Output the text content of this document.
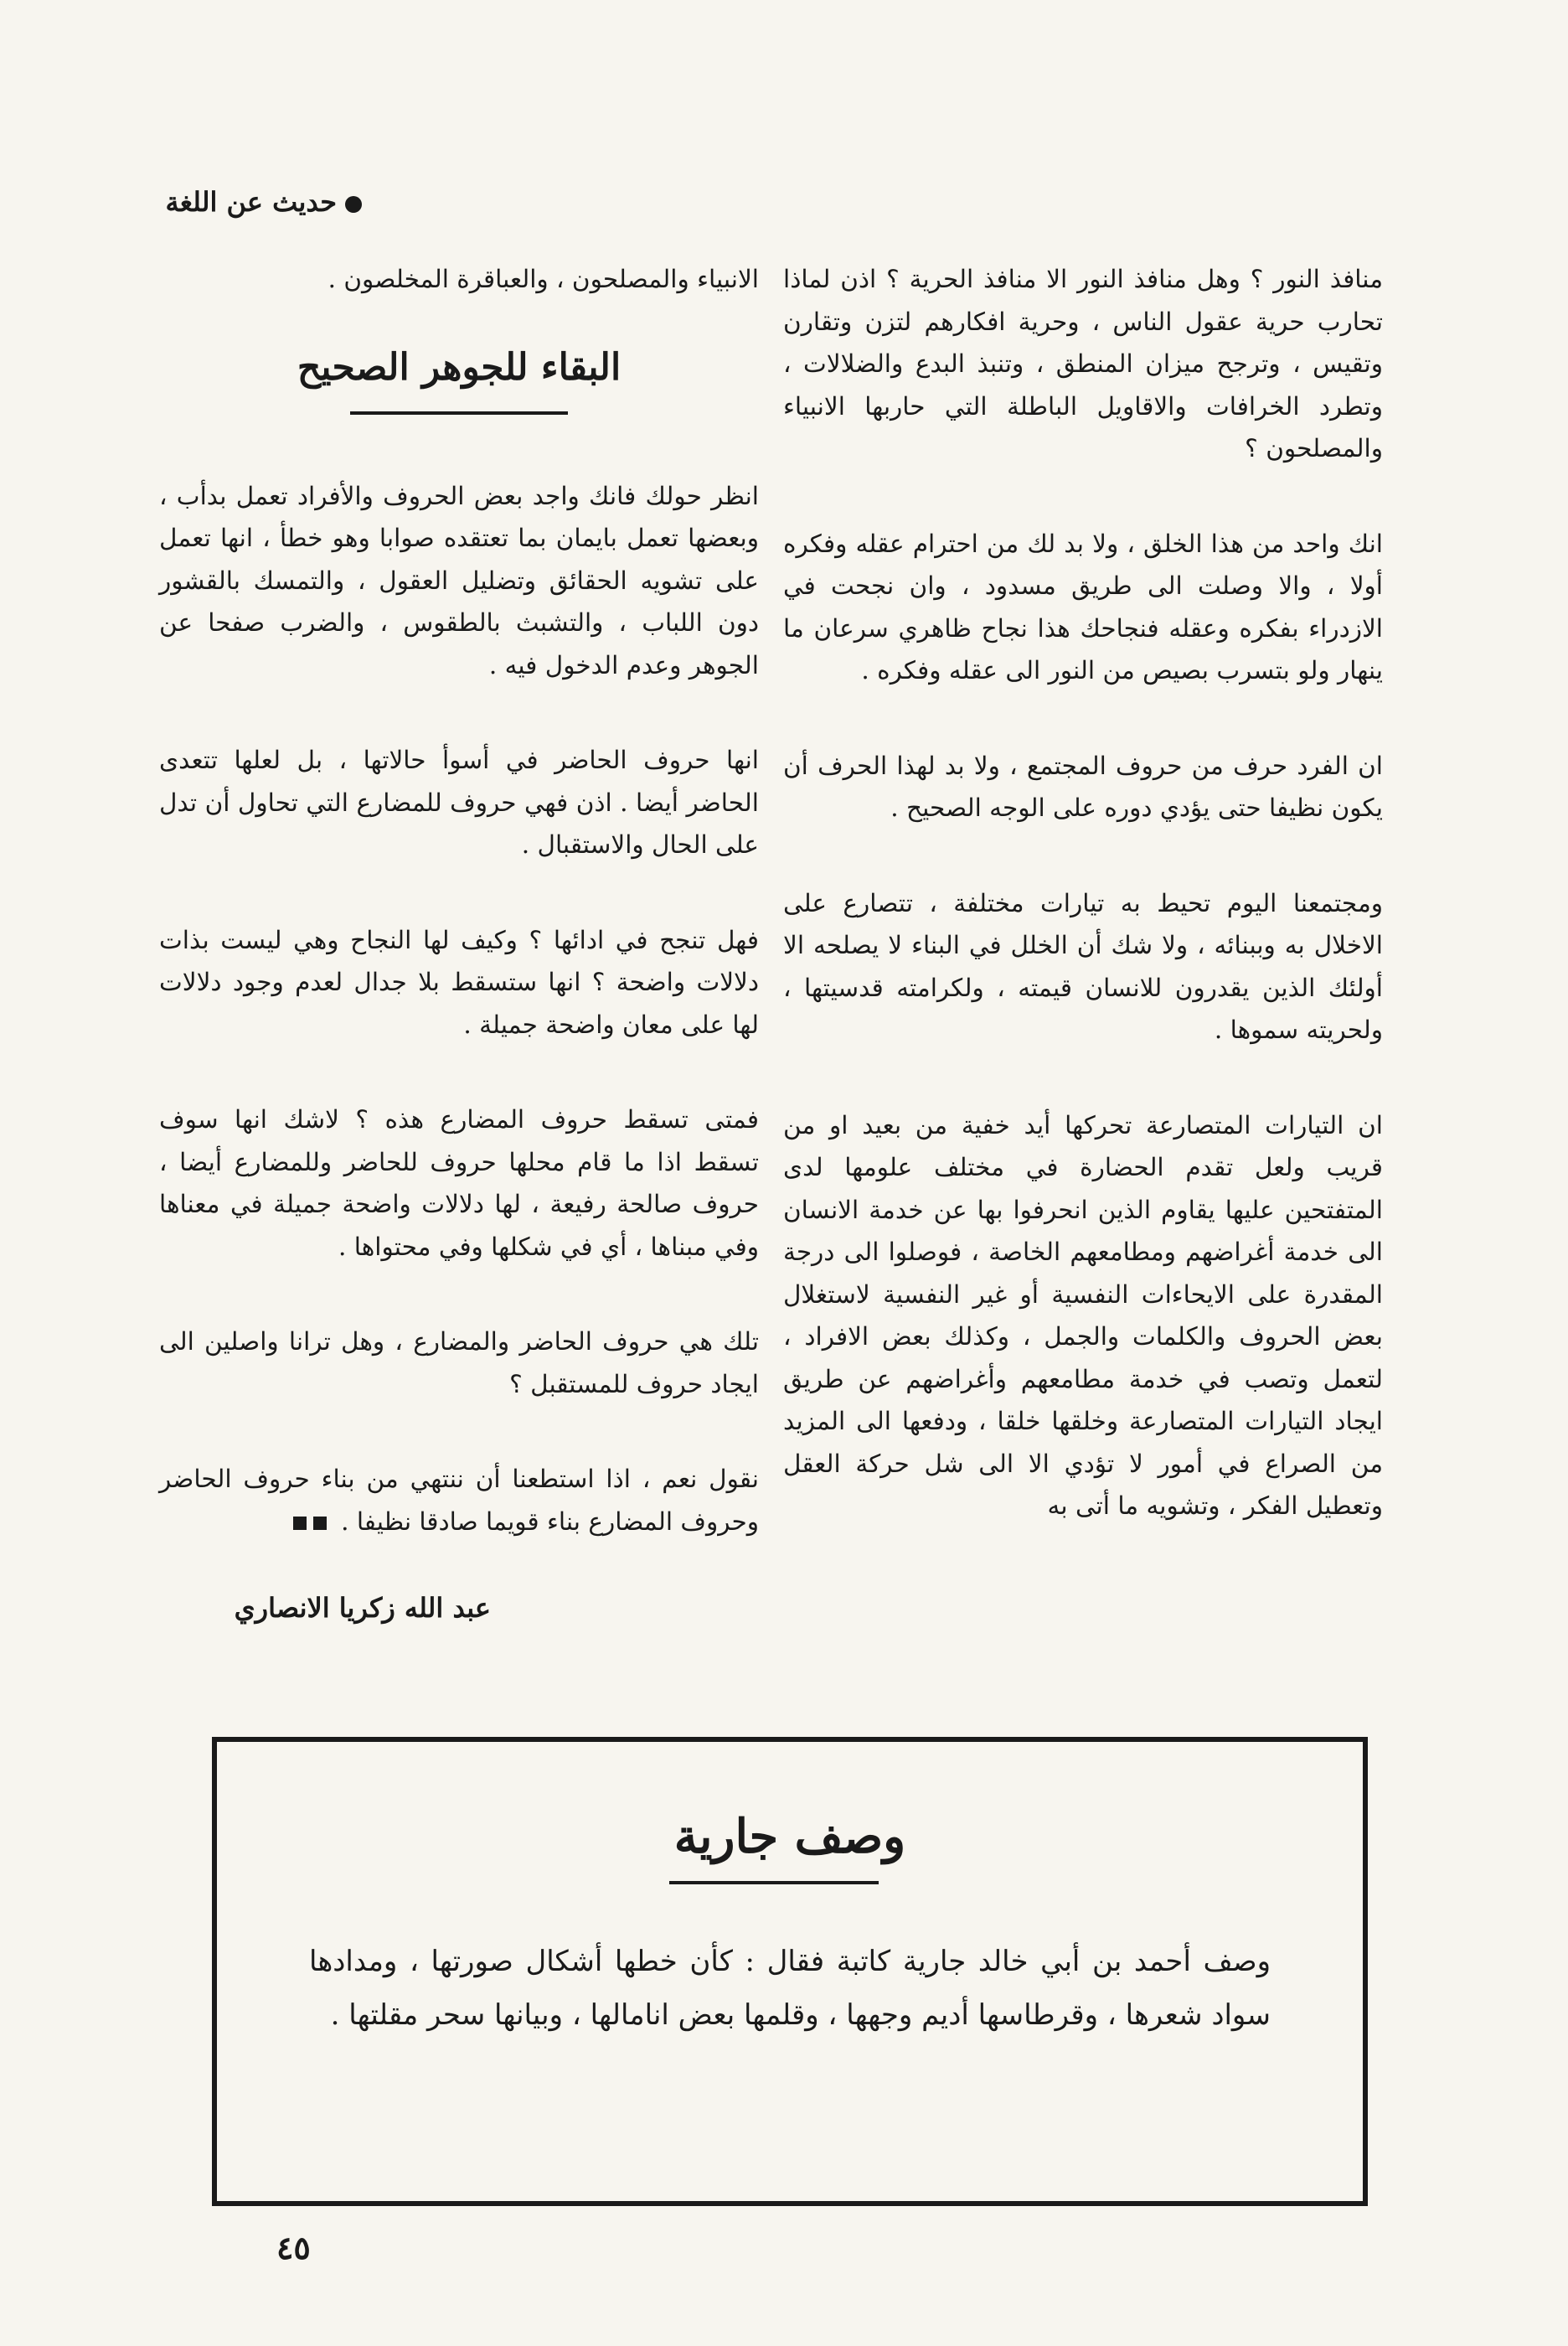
حديث عن اللغة

منافذ النور ؟ وهل منافذ النور الا منافذ الحرية ؟ اذن لماذا تحارب حرية عقول الناس ، وحرية افكارهم لتزن وتقارن وتقيس ، وترجح ميزان المنطق ، وتنبذ البدع والضلالات ، وتطرد الخرافات والاقاويل الباطلة التي حاربها الانبياء والمصلحون ؟

انك واحد من هذا الخلق ، ولا بد لك من احترام عقله وفكره أولا ، والا وصلت الى طريق مسدود ، وان نجحت في الازدراء بفكره وعقله فنجاحك هذا نجاح ظاهري سرعان ما ينهار ولو بتسرب بصيص من النور الى عقله وفكره .

ان الفرد حرف من حروف المجتمع ، ولا بد لهذا الحرف أن يكون نظيفا حتى يؤدي دوره على الوجه الصحيح .

ومجتمعنا اليوم تحيط به تيارات مختلفة ، تتصارع على الاخلال به وببنائه ، ولا شك أن الخلل في البناء لا يصلحه الا أولئك الذين يقدرون للانسان قيمته ، ولكرامته قدسيتها ، ولحريته سموها .

ان التيارات المتصارعة تحركها أيد خفية من بعيد او من قريب ولعل تقدم الحضارة في مختلف علومها لدى المتفتحين عليها يقاوم الذين انحرفوا بها عن خدمة الانسان الى خدمة أغراضهم ومطامعهم الخاصة ، فوصلوا الى درجة المقدرة على الايحاءات النفسية أو غير النفسية لاستغلال بعض الحروف والكلمات والجمل ، وكذلك بعض الافراد ، لتعمل وتصب في خدمة مطامعهم وأغراضهم عن طريق ايجاد التيارات المتصارعة وخلقها خلقا ، ودفعها الى المزيد من الصراع في أمور لا تؤدي الا الى شل حركة العقل وتعطيل الفكر ، وتشويه ما أتى به

الانبياء والمصلحون ، والعباقرة المخلصون .

البقاء للجوهر الصحيح

انظر حولك فانك واجد بعض الحروف والأفراد تعمل بدأب ، وبعضها تعمل بايمان بما تعتقده صوابا وهو خطأ ، انها تعمل على تشويه الحقائق وتضليل العقول ، والتمسك بالقشور دون اللباب ، والتشبث بالطقوس ، والضرب صفحا عن الجوهر وعدم الدخول فيه .

انها حروف الحاضر في أسوأ حالاتها ، بل لعلها تتعدى الحاضر أيضا . اذن فهي حروف للمضارع التي تحاول أن تدل على الحال والاستقبال .

فهل تنجح في ادائها ؟ وكيف لها النجاح وهي ليست بذات دلالات واضحة ؟ انها ستسقط بلا جدال لعدم وجود دلالات لها على معان واضحة جميلة .

فمتى تسقط حروف المضارع هذه ؟ لاشك انها سوف تسقط اذا ما قام محلها حروف للحاضر وللمضارع أيضا ، حروف صالحة رفيعة ، لها دلالات واضحة جميلة في معناها وفي مبناها ، أي في شكلها وفي محتواها .

تلك هي حروف الحاضر والمضارع ، وهل ترانا واصلين الى ايجاد حروف للمستقبل ؟

نقول نعم ، اذا استطعنا أن ننتهي من بناء حروف الحاضر وحروف المضارع بناء قويما صادقا نظيفا .

عبد الله زكريا الانصاري
وصف جارية
وصف أحمد بن أبي خالد جارية كاتبة فقال : كأن خطها أشكال صورتها ، ومدادها سواد شعرها ، وقرطاسها أديم وجهها ، وقلمها بعض انامالها ، وبيانها سحر مقلتها .
٤٥
